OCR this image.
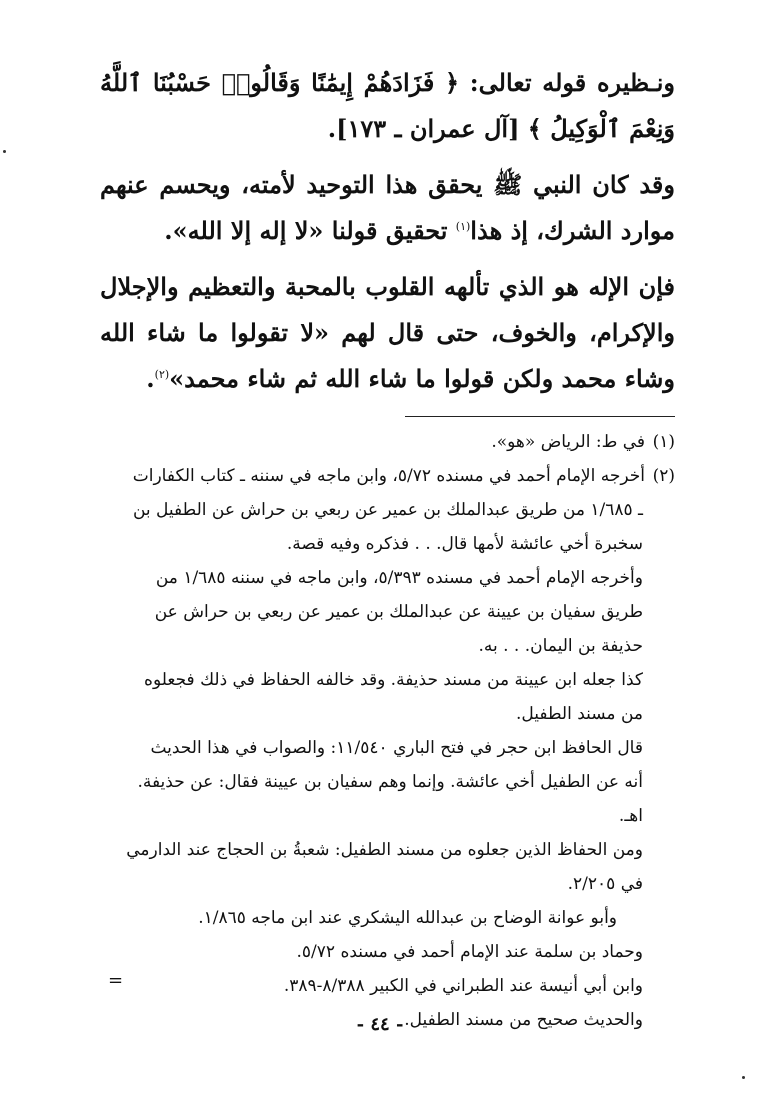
ونـظيره قوله تعالى: ﴿ فَزَادَهُمْ إِيمَٰنًا وَقَالُوا۟ حَسْبُنَا ٱللَّهُ وَنِعْمَ ٱلْوَكِيلُ ﴾ [آل عمران ـ ١٧٣].

وقد كان النبي ﷺ يحقق هذا التوحيد لأمته، ويحسم عنهم موارد الشرك، إذ هذا$^{(١)}$ تحقيق قولنا «لا إله إلا الله».

فإن الإله هو الذي تألهه القلوب بالمحبة والتعظيم والإجلال والإكرام، والخوف، حتى قال لهم «لا تقولوا ما شاء الله وشاء محمد ولكن قولوا ما شاء الله ثم شاء محمد»$^{(٢)}$.

(١)في ط: الرياض «هو».

(٢)أخرجه الإمام أحمد في مسنده ٥/٧٢، وابن ماجه في سننه ـ كتاب الكفارات

ـ ١/٦٨٥ من طريق عبدالملك بن عمير عن ربعي بن حراش عن الطفيل بن

سخبرة أخي عائشة لأمها قال. . . فذكره وفيه قصة.

وأخرجه الإمام أحمد في مسنده ٥/٣٩٣، وابن ماجه في سننه ١/٦٨٥ من

طريق سفيان بن عيينة عن عبدالملك بن عمير عن ربعي بن حراش عن

حذيفة بن اليمان. . . به.

كذا جعله ابن عيينة من مسند حذيفة. وقد خالفه الحفاظ في ذلك فجعلوه

من مسند الطفيل.

قال الحافظ ابن حجر في فتح الباري ١١/٥٤٠: والصواب في هذا الحديث

أنه عن الطفيل أخي عائشة. وإنما وهم سفيان بن عيينة فقال: عن حذيفة.

اهـ.

ومن الحفاظ الذين جعلوه من مسند الطفيل: شعبةُ بن الحجاج عند الدارمي

في ٢/٢٠٥.

وأبو عوانة الوضاح بن عبدالله اليشكري عند ابن ماجه ١/٨٦٥.

وحماد بن سلمة عند الإمام أحمد في مسنده ٥/٧٢.

وابن أبي أنيسة عند الطبراني في الكبير ٨/٣٨٨-٣٨٩.

والحديث صحيح من مسند الطفيل.

=
- ٤٤ -
